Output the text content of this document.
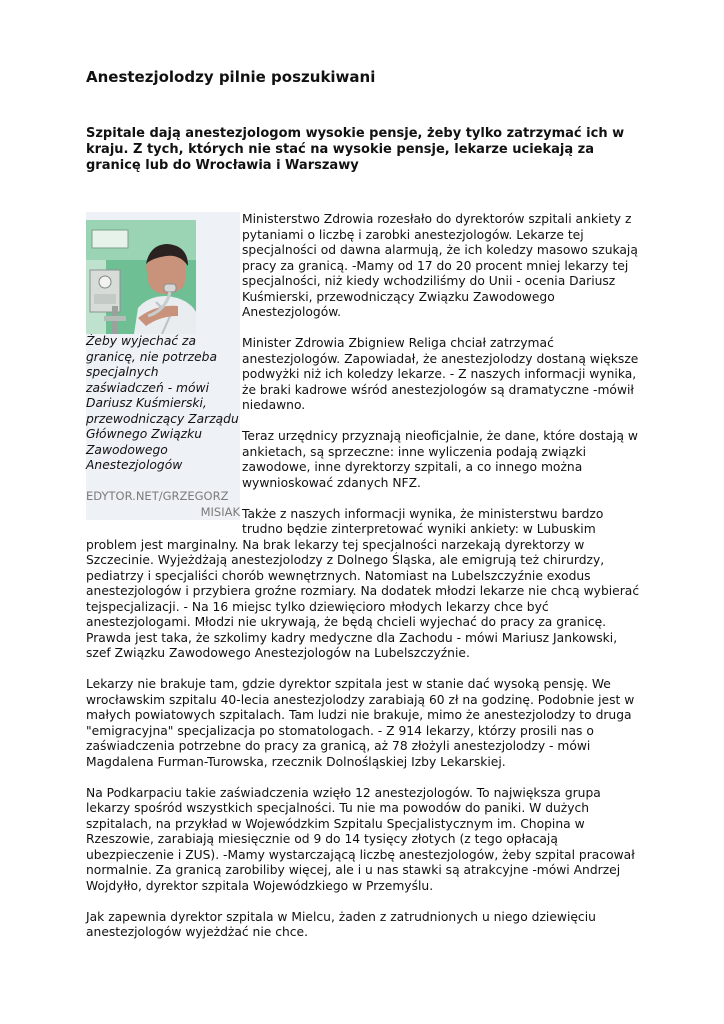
Anestezjolodzy pilnie poszukiwani

Szpitale dają anestezjologom wysokie pensje, żeby tylko zatrzymać ich w kraju. Z tych, których nie stać na wysokie pensje, lekarze uciekają za granicę lub do Wrocławia i Warszawy

Żeby wyjechać za granicę, nie potrzeba specjalnych zaświadczeń - mówi Dariusz Kuśmierski, przewodniczący Zarządu Głównego Związku Zawodowego Anestezjologów

EDYTOR.NET/GRZEGORZ
MISIAK

Ministerstwo Zdrowia rozesłało do dyrektorów szpitali ankiety z pytaniami o liczbę i zarobki anestezjologów. Lekarze tej specjalności od dawna alarmują, że ich koledzy masowo szukają pracy za granicą. -Mamy od 17 do 20 procent mniej lekarzy tej specjalności, niż kiedy wchodziliśmy do Unii - ocenia Dariusz Kuśmierski, przewodniczący Związku Zawodowego Anestezjologów.

Minister Zdrowia Zbigniew Religa chciał zatrzymać anestezjologów. Zapowiadał, że anestezjolodzy dostaną większe podwyżki niż ich koledzy lekarze. - Z naszych informacji wynika, że braki kadrowe wśród anestezjologów są dramatyczne -mówił niedawno.

Teraz urzędnicy przyznają nieoficjalnie, że dane, które dostają w ankietach, są sprzeczne: inne wyliczenia podają związki zawodowe, inne dyrektorzy szpitali, a co innego można wywnioskować zdanych NFZ.

Także z naszych informacji wynika, że ministerstwu bardzo trudno będzie zinterpretować wyniki ankiety: w Lubuskim problem jest marginalny. Na brak lekarzy tej specjalności narzekają dyrektorzy w Szczecinie. Wyjeżdżają anestezjolodzy z Dolnego Śląska, ale emigrują też chirurdzy, pediatrzy i specjaliści chorób wewnętrznych. Natomiast na Lubelszczyźnie exodus anestezjologów i przybiera groźne rozmiary. Na dodatek młodzi lekarze nie chcą wybierać tejspecjalizacji. - Na 16 miejsc tylko dziewięcioro młodych lekarzy chce być anestezjologami. Młodzi nie ukrywają, że będą chcieli wyjechać do pracy za granicę. Prawda jest taka, że szkolimy kadry medyczne dla Zachodu - mówi Mariusz Jankowski, szef Związku Zawodowego Anestezjologów na Lubelszczyźnie.

Lekarzy nie brakuje tam, gdzie dyrektor szpitala jest w stanie dać wysoką pensję. We wrocławskim szpitalu 40-lecia anestezjolodzy zarabiają 60 zł na godzinę. Podobnie jest w małych powiatowych szpitalach. Tam ludzi nie brakuje, mimo że anestezjolodzy to druga "emigracyjna" specjalizacja po stomatologach. - Z 914 lekarzy, którzy prosili nas o zaświadczenia potrzebne do pracy za granicą, aż 78 złożyli anestezjolodzy - mówi Magdalena Furman-Turowska, rzecznik Dolnośląskiej Izby Lekarskiej.

Na Podkarpaciu takie zaświadczenia wzięło 12 anestezjologów. To największa grupa lekarzy spośród wszystkich specjalności. Tu nie ma powodów do paniki. W dużych szpitalach, na przykład w Wojewódzkim Szpitalu Specjalistycznym im. Chopina w Rzeszowie, zarabiają miesięcznie od 9 do 14 tysięcy złotych (z tego opłacają ubezpieczenie i ZUS). -Mamy wystarczającą liczbę anestezjologów, żeby szpital pracował normalnie. Za granicą zarobiliby więcej, ale i u nas stawki są atrakcyjne -mówi Andrzej Wojdyłło, dyrektor szpitala Wojewódzkiego w Przemyślu.

Jak zapewnia dyrektor szpitala w Mielcu, żaden z zatrudnionych u niego dziewięciu anestezjologów wyjeżdżać nie chce.
